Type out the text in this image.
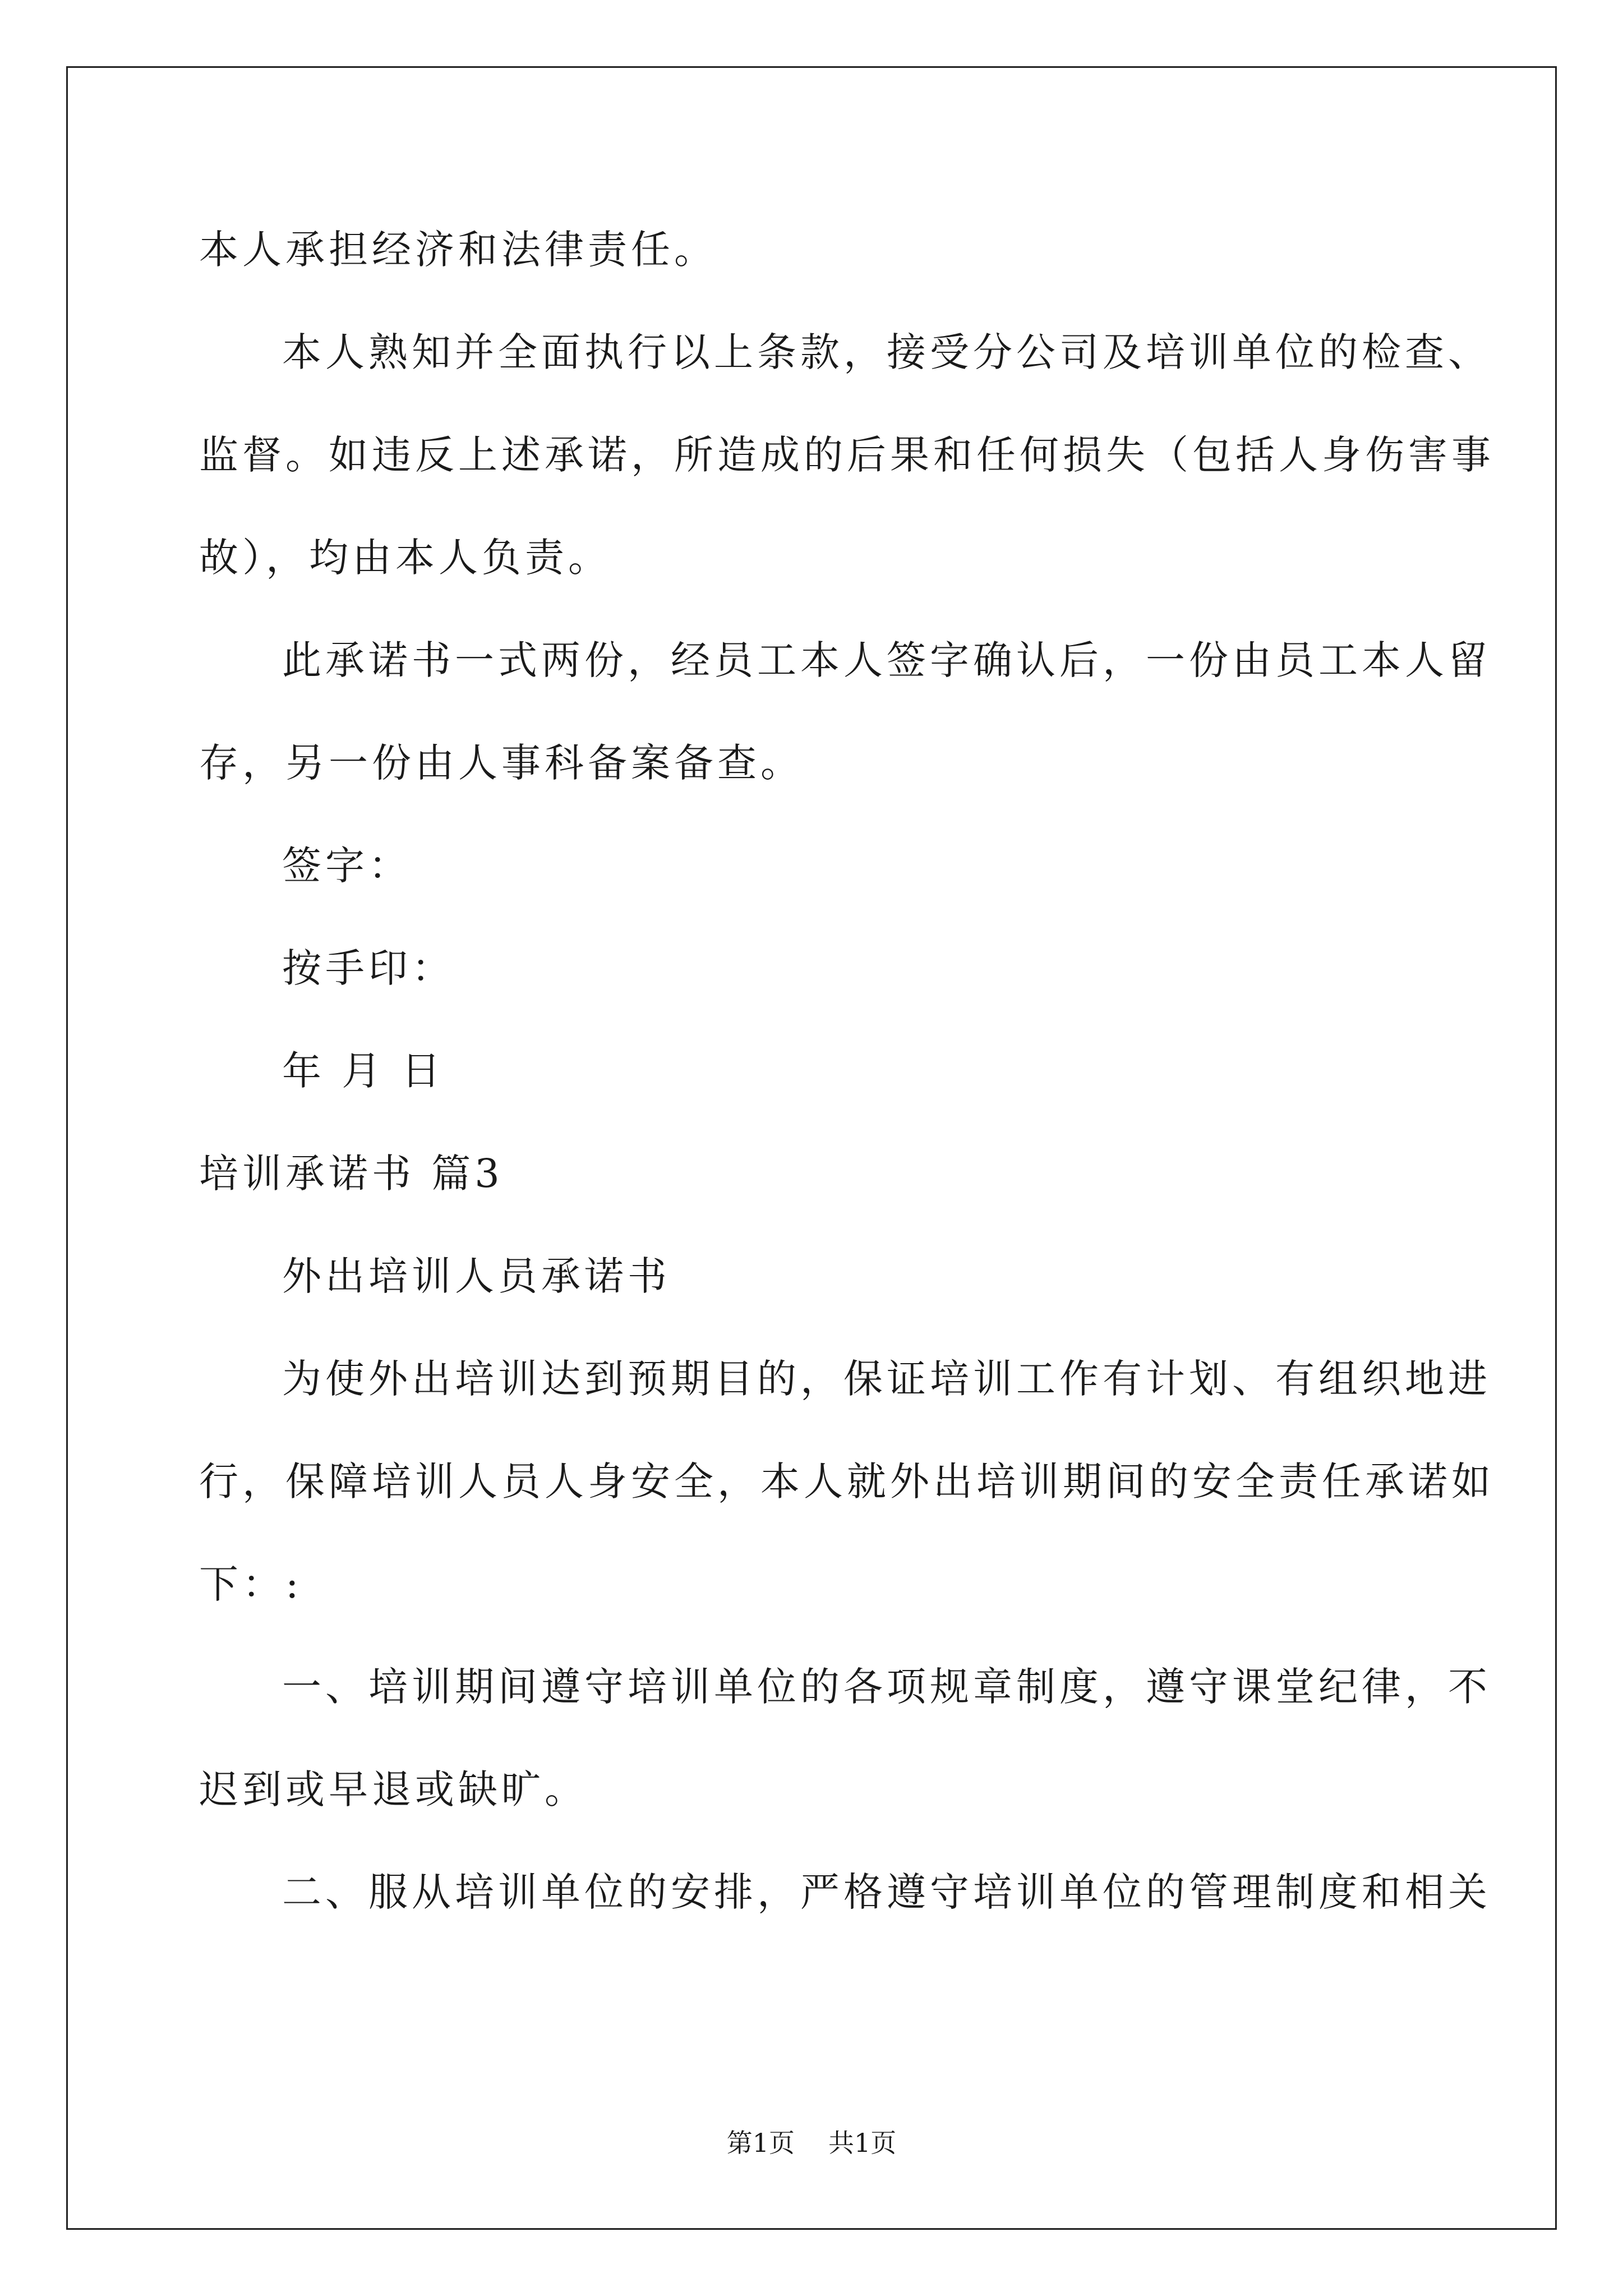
本人承担经济和法律责任。
本人熟知并全面执行以上条款，接受分公司及培训单位的检查、
监督。如违反上述承诺，所造成的后果和任何损失（包括人身伤害事
故），均由本人负责。
此承诺书一式两份，经员工本人签字确认后，一份由员工本人留
存，另一份由人事科备案备查。
签字：
按手印：
年 月 日
培训承诺书 篇3
外出培训人员承诺书
为使外出培训达到预期目的，保证培训工作有计划、有组织地进
行，保障培训人员人身安全，本人就外出培训期间的安全责任承诺如
下：:
一、培训期间遵守培训单位的各项规章制度，遵守课堂纪律，不
迟到或早退或缺旷。
二、服从培训单位的安排，严格遵守培训单位的管理制度和相关
第1页 共1页
